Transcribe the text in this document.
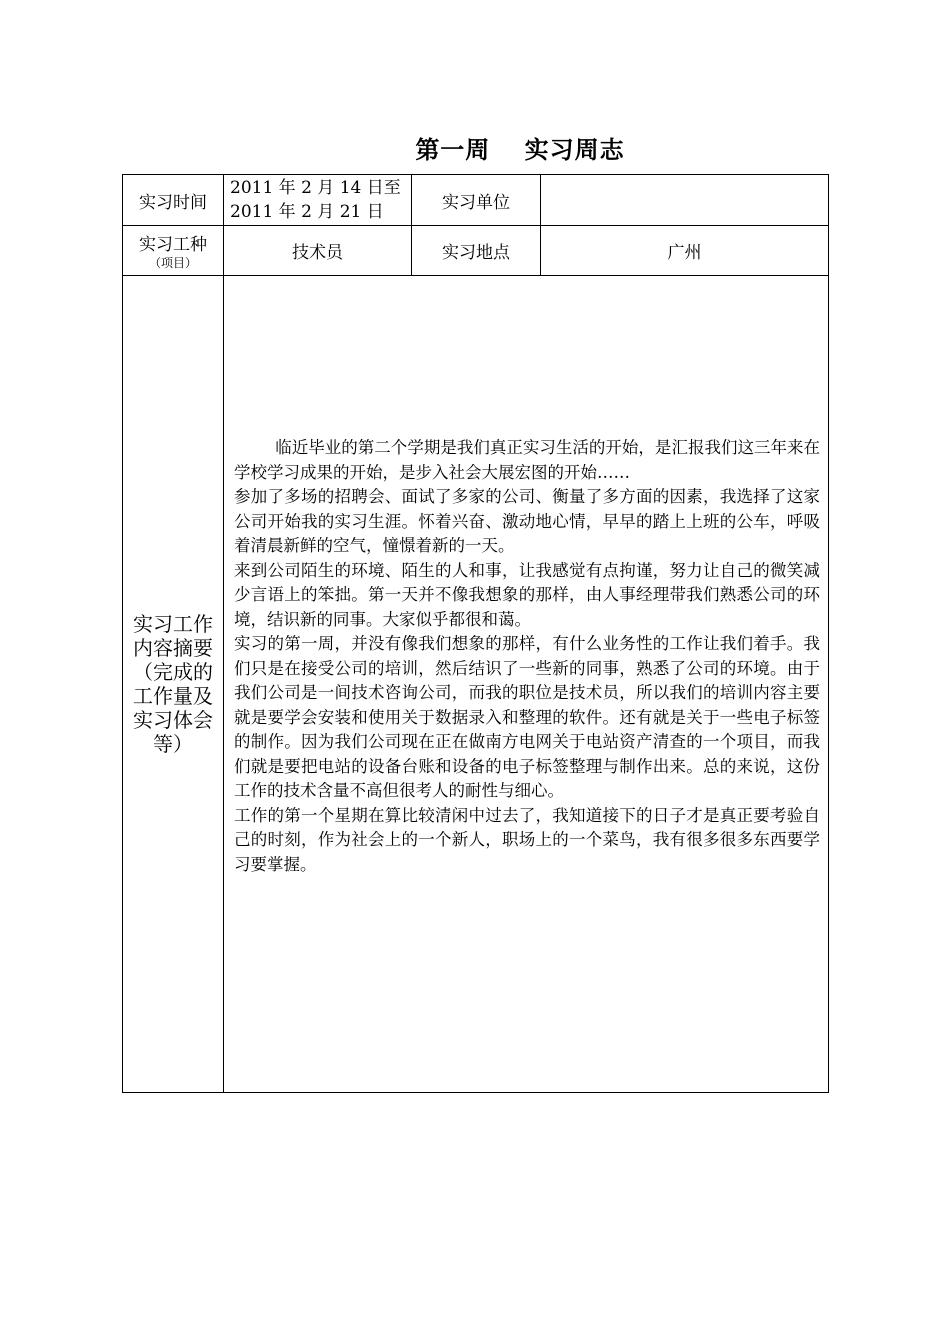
第一周　 实习周志
实习时间	2011 年 2 月 14 日至
2011 年 2 月 21 日	实习单位	
实习工种
（项目）	技术员	实习地点	广州
实习工作内容摘要（完成的工作量及实习体会等）	临近毕业的第二个学期是我们真正实习生活的开始，是汇报我们这三年来在学校学习成果的开始，是步入社会大展宏图的开始……

参加了多场的招聘会、面试了多家的公司、衡量了多方面的因素，我选择了这家公司开始我的实习生涯。怀着兴奋、激动地心情，早早的踏上上班的公车，呼吸着清晨新鲜的空气，憧憬着新的一天。

来到公司陌生的环境、陌生的人和事，让我感觉有点拘谨，努力让自己的微笑减少言语上的笨拙。第一天并不像我想象的那样，由人事经理带我们熟悉公司的环境，结识新的同事。大家似乎都很和蔼。

实习的第一周，并没有像我们想象的那样，有什么业务性的工作让我们着手。我们只是在接受公司的培训，然后结识了一些新的同事，熟悉了公司的环境。由于我们公司是一间技术咨询公司，而我的职位是技术员，所以我们的培训内容主要就是要学会安装和使用关于数据录入和整理的软件。还有就是关于一些电子标签的制作。因为我们公司现在正在做南方电网关于电站资产清查的一个项目，而我们就是要把电站的设备台账和设备的电子标签整理与制作出来。总的来说，这份工作的技术含量不高但很考人的耐性与细心。

工作的第一个星期在算比较清闲中过去了，我知道接下的日子才是真正要考验自己的时刻，作为社会上的一个新人，职场上的一个菜鸟，我有很多很多东西要学习要掌握。		
